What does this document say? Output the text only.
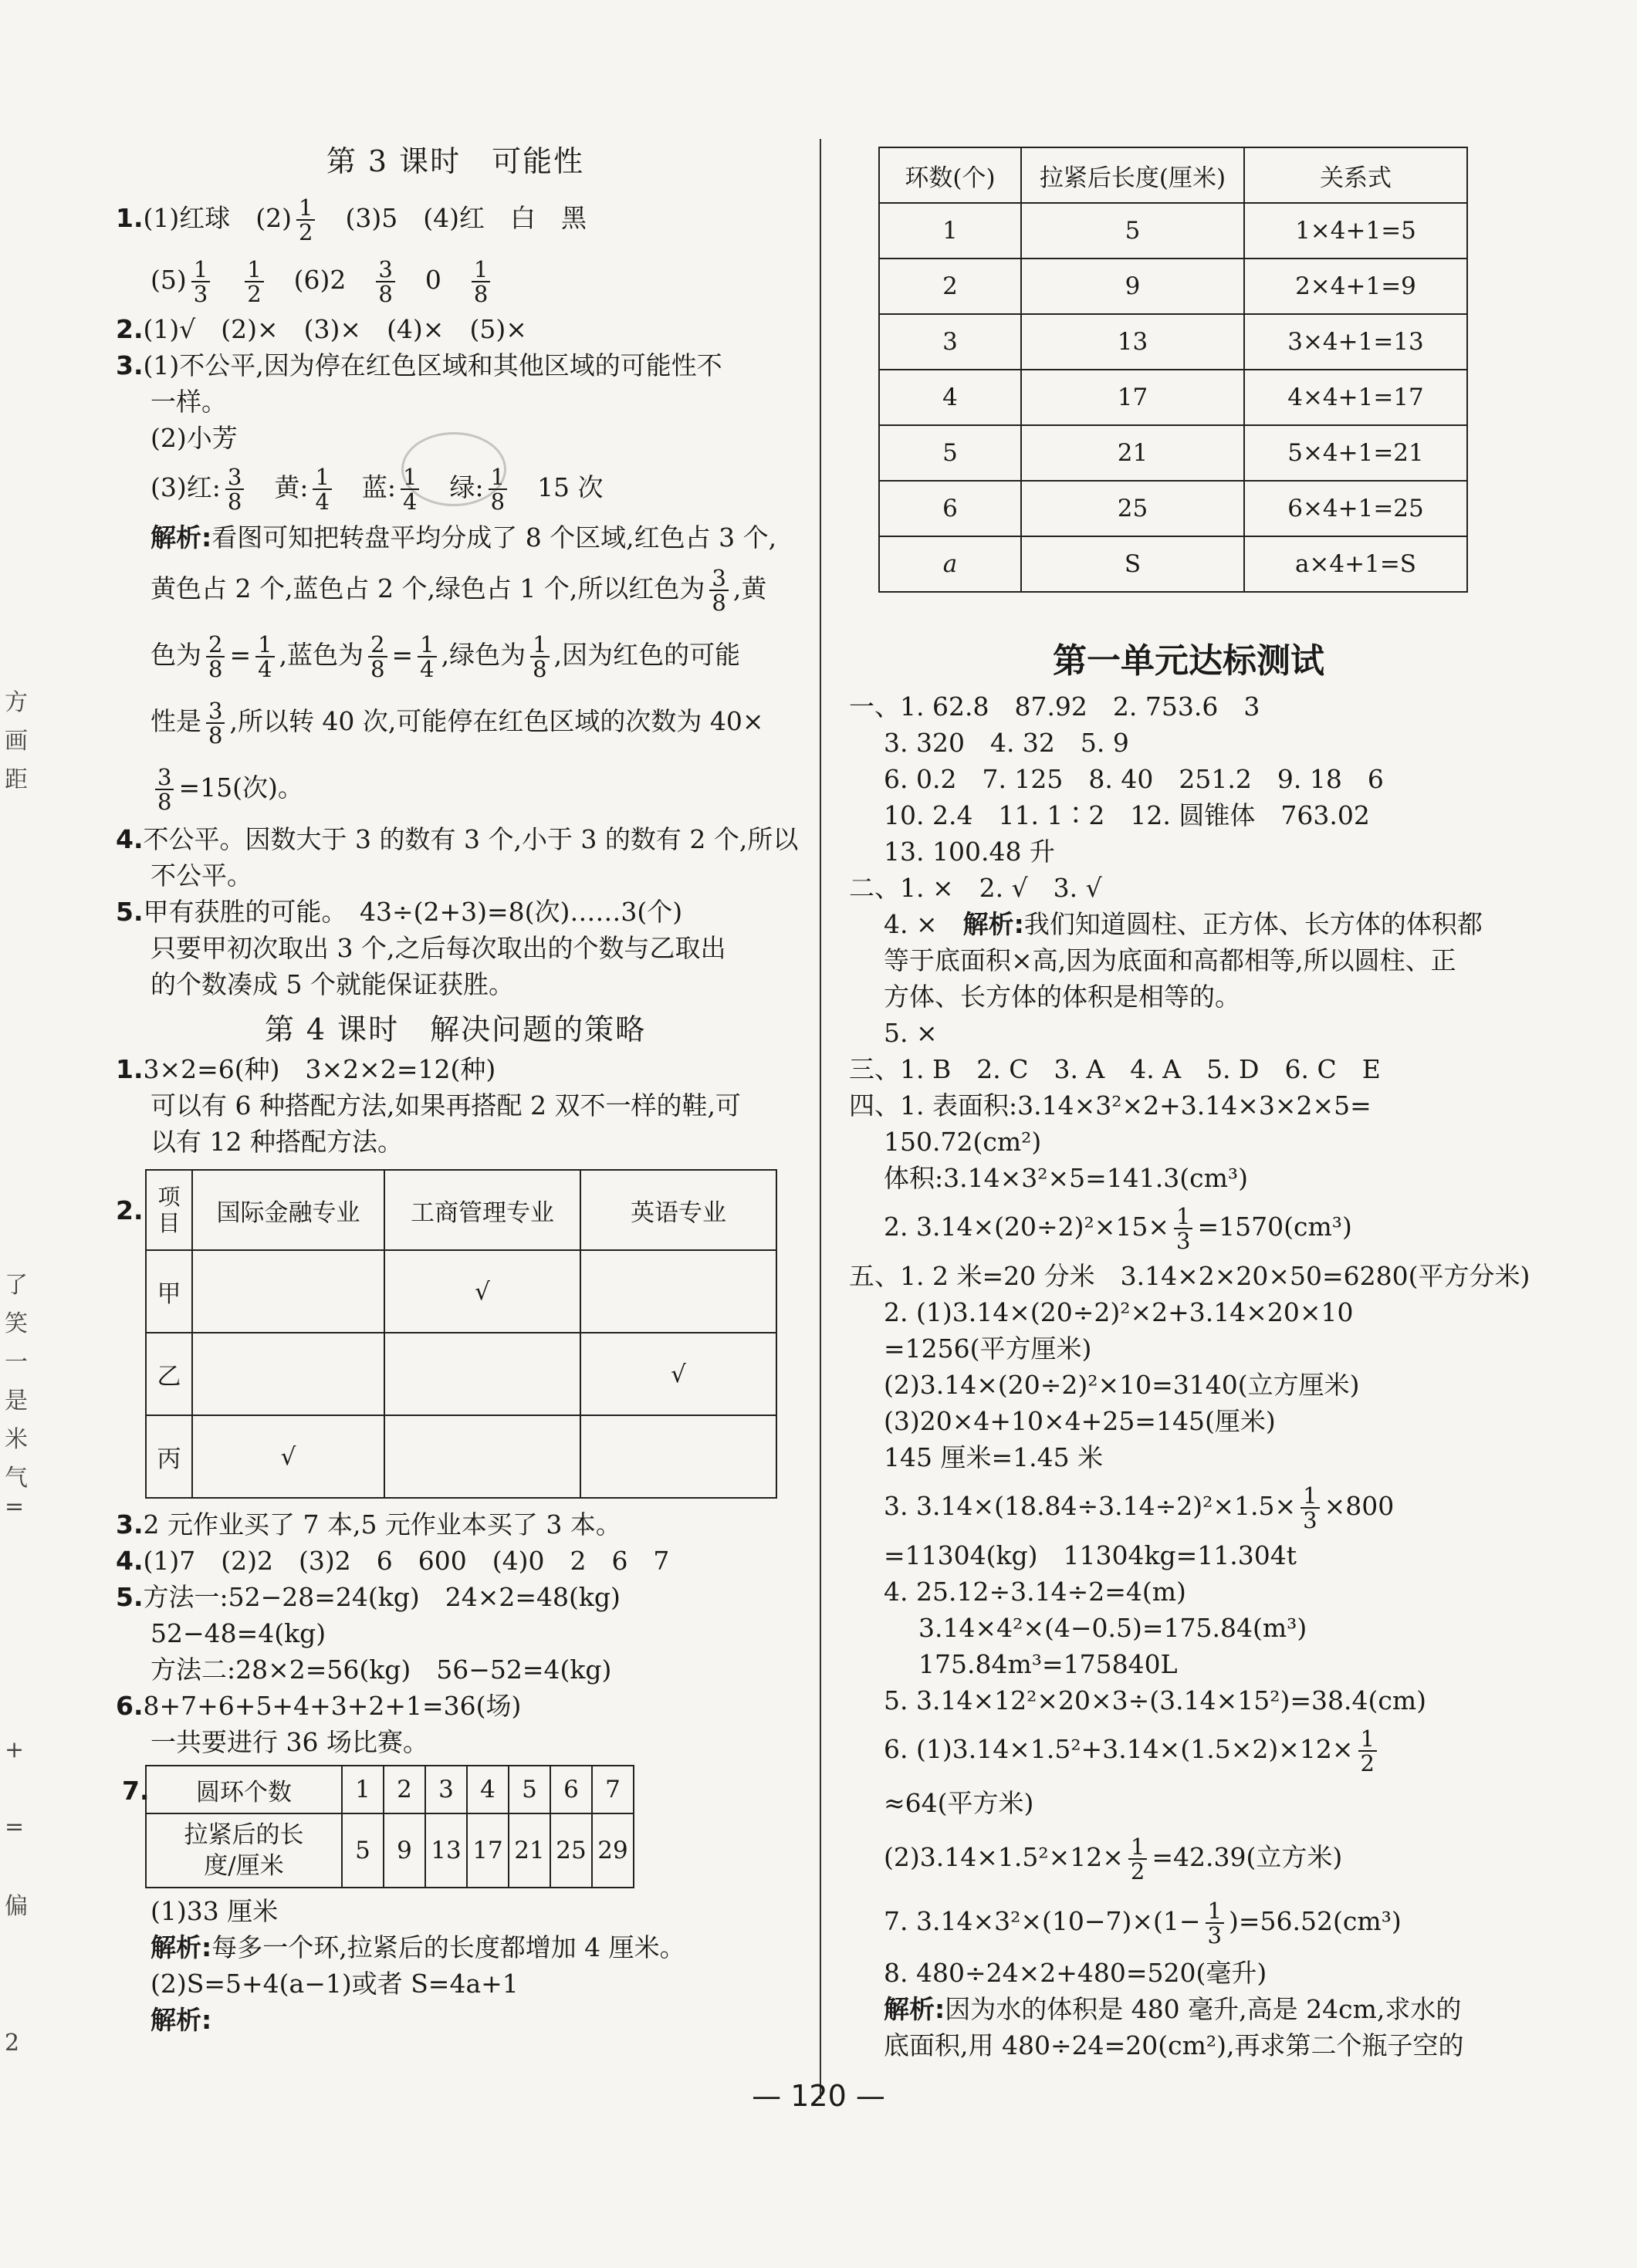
方
画
距
了
笑
一
是
米
气
=
+
=
偏
2
第 3 课时　可能性
1.(1)红球　$(2) \frac{1}{2}$ 　(3)5　(4)红　白　黑
$(5) \frac{1}{3}$
　 $\frac{1}{2}$ 　(6)2　 $\frac{3}{8}$ 　0　 $\frac{1}{8}$
2.(1)√　(2)×　(3)×　(4)×　(5)×
3.(1)不公平,因为停在红色区域和其他区域的可能性不
一样。
(2)小芳
(3)红: $\frac{3}{8}$ 　黄: $\frac{1}{4}$ 　蓝: $\frac{1}{4}$ 　绿: $\frac{1}{8}$ 　15 次
解析:看图可知把转盘平均分成了 8 个区域,红色占 3 个,
黄色占 2 个,蓝色占 2 个,绿色占 1 个,所以红色为 $\frac{3}{8}$ ,黄
色为 $\frac{2}{8} = \frac{1}{4}$ ,蓝色为 $\frac{2}{8} = \frac{1}{4}$ ,绿色为 $\frac{1}{8}$ ,因为红色的可能
性是 $\frac{3}{8}$ ,所以转 40 次,可能停在红色区域的次数为 40×
$\frac{3}{8} =15$(次)。
4.不公平。因数大于 3 的数有 3 个,小于 3 的数有 2 个,所以
不公平。
5.甲有获胜的可能。　43÷(2+3)=8(次)……3(个)
只要甲初次取出 3 个,之后每次取出的个数与乙取出
的个数凑成 5 个就能保证获胜。
第 4 课时　解决问题的策略
1.3×2=6(种)　3×2×2=12(种)
可以有 6 种搭配方法,如果再搭配 2 双不一样的鞋,可
以有 12 种搭配方法。
2. 项目	国际金融专业	工商管理专业	英语专业
甲		√	
乙			√
丙	√		
3.2 元作业买了 7 本,5 元作业本买了 3 本。
4.(1)7　(2)2　(3)2　6　600　(4)0　2　6　7
5.方法一:52−28=24(kg)　24×2=48(kg)
52−48=4(kg)
方法二:28×2=56(kg)　56−52=4(kg)
6.8+7+6+5+4+3+2+1=36(场)
一共要进行 36 场比赛。
7. 圆环个数	1	2	3	4	5	6	7
拉紧后的长度/厘米	5	9	13	17	21	25	29
(1)33 厘米
解析:每多一个环,拉紧后的长度都增加 4 厘米。
(2)S=5+4(a−1)或者 S=4a+1
解析:
环数(个)	拉紧后长度(厘米)	关系式
1	5	1×4+1=5
2	9	2×4+1=9
3	13	3×4+1=13
4	17	4×4+1=17
5	21	5×4+1=21
6	25	6×4+1=25
a	S	a×4+1=S
第一单元达标测试
一、1. 62.8　87.92　2. 753.6　3
3. 320　4. 32　5. 9
6. 0.2　7. 125　8. 40　251.2　9. 18　6
10. 2.4　11. 1∶2　12. 圆锥体　763.02
13. 100.48 升
二、1. ×　2. √　3. √
4. ×　解析:我们知道圆柱、正方体、长方体的体积都
等于底面积×高,因为底面和高都相等,所以圆柱、正
方体、长方体的体积是相等的。
5. ×
三、1. B　2. C　3. A　4. A　5. D　6. C　E
四、1. 表面积:3.14×3²×2+3.14×3×2×5=
150.72(cm²)
体积:3.14×3²×5=141.3(cm³)
2. $3.14\times(20\div 2)^2\times 15\times \frac{1}{3} =1570(cm^3)$
五、1. 2 米=20 分米　3.14×2×20×50=6280(平方分米)
2. (1)3.14×(20÷2)²×2+3.14×20×10
=1256(平方厘米)
(2)3.14×(20÷2)²×10=3140(立方厘米)
(3)20×4+10×4+25=145(厘米)
145 厘米=1.45 米
3. $3.14\times(18.84\div 3.14\div 2)^2\times 1.5\times \frac{1}{3} \times 800$
=11304(kg)　11304kg=11.304t
4. 25.12÷3.14÷2=4(m)
3.14×4²×(4−0.5)=175.84(m³)
175.84m³=175840L
5. 3.14×12²×20×3÷(3.14×15²)=38.4(cm)
6. $(1)3.14\times 1.5^2+3.14\times(1.5\times 2)\times 12\times \frac{1}{2}$
≈64(平方米)
$(2)3.14\times 1.5^2\times 12\times \frac{1}{2} =42.39$(立方米)
7. $3.14\times 3^2\times(10-7)\times(1- \frac{1}{3} )=56.52(cm^3)$
8. 480÷24×2+480=520(毫升)
解析:因为水的体积是 480 毫升,高是 24cm,求水的
底面积,用 480÷24=20(cm²),再求第二个瓶子空的
— 120 —
